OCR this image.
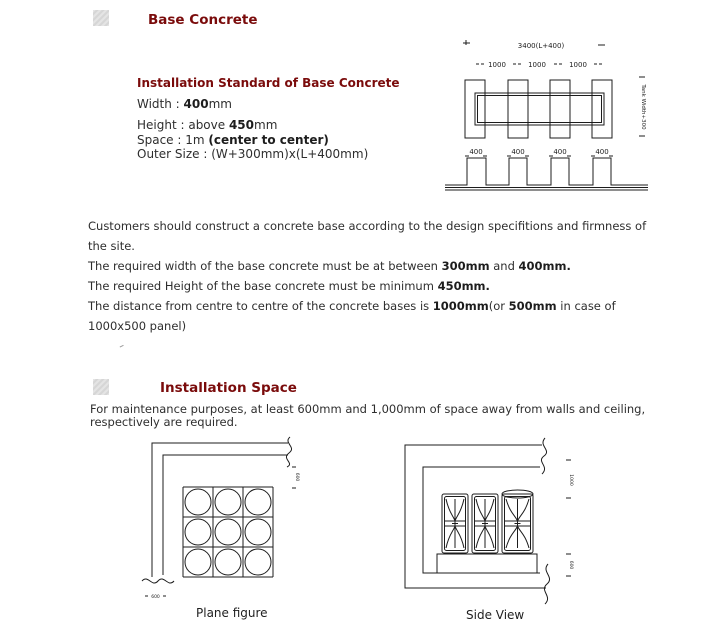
Base Concrete
Installation Standard of Base Concrete
Width : 400mm
Height : above 450mm
Space : 1m (center to center)
Outer Size : (W+300mm)x(L+400mm)
3400(L+400)
1000	1000	1000
Tank Width+300
400	400	400	400

Customers should construct a concrete base according to the design specifitions and firmness of the site.

The required width of the base concrete must be at between 300mm and 400mm.

The required Height of the base concrete must be minimum 450mm.

The distance from centre to centre of the concrete bases is 1000mm(or 500mm in case of

1000x500 panel)

Installation Space
For maintenance purposes, at least 600mm and 1,000mm of space away from walls and ceiling,
respectively are required.
600
600
Plane figure
1000
600
Side View
